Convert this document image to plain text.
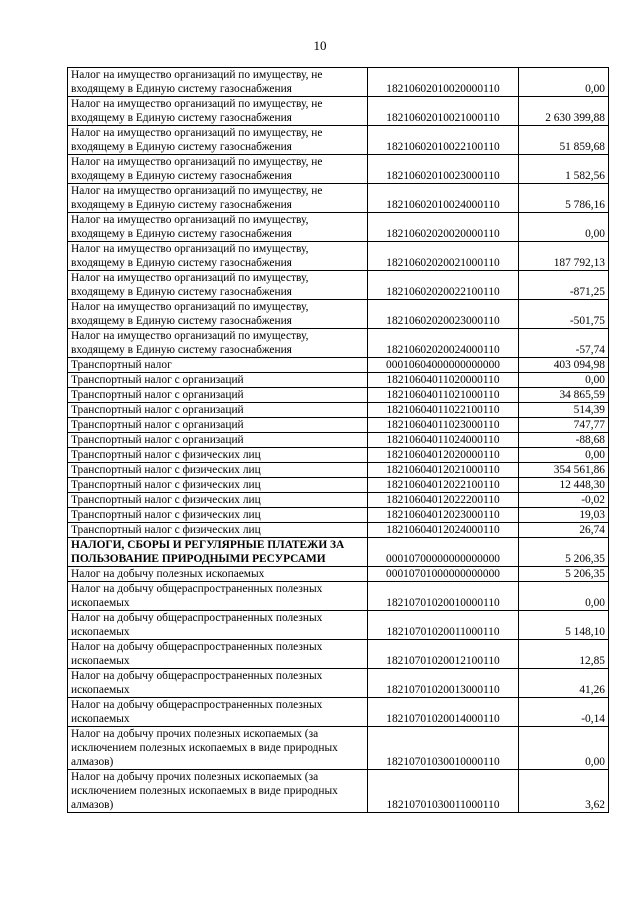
10
Налог на имущество организаций по имуществу, не входящему в Единую систему газоснабжения	18210602010020000110	0,00
Налог на имущество организаций по имуществу, не входящему в Единую систему газоснабжения	18210602010021000110	2 630 399,88
Налог на имущество организаций по имуществу, не входящему в Единую систему газоснабжения	18210602010022100110	51 859,68
Налог на имущество организаций по имуществу, не входящему в Единую систему газоснабжения	18210602010023000110	1 582,56
Налог на имущество организаций по имуществу, не входящему в Единую систему газоснабжения	18210602010024000110	5 786,16
Налог на имущество организаций по имуществу, входящему в Единую систему газоснабжения	18210602020020000110	0,00
Налог на имущество организаций по имуществу, входящему в Единую систему газоснабжения	18210602020021000110	187 792,13
Налог на имущество организаций по имуществу, входящему в Единую систему газоснабжения	18210602020022100110	-871,25
Налог на имущество организаций по имуществу, входящему в Единую систему газоснабжения	18210602020023000110	-501,75
Налог на имущество организаций по имуществу, входящему в Единую систему газоснабжения	18210602020024000110	-57,74
Транспортный налог	00010604000000000000	403 094,98
Транспортный налог с организаций	18210604011020000110	0,00
Транспортный налог с организаций	18210604011021000110	34 865,59
Транспортный налог с организаций	18210604011022100110	514,39
Транспортный налог с организаций	18210604011023000110	747,77
Транспортный налог с организаций	18210604011024000110	-88,68
Транспортный налог с физических лиц	18210604012020000110	0,00
Транспортный налог с физических лиц	18210604012021000110	354 561,86
Транспортный налог с физических лиц	18210604012022100110	12 448,30
Транспортный налог с физических лиц	18210604012022200110	-0,02
Транспортный налог с физических лиц	18210604012023000110	19,03
Транспортный налог с физических лиц	18210604012024000110	26,74
НАЛОГИ, СБОРЫ И РЕГУЛЯРНЫЕ ПЛАТЕЖИ ЗА ПОЛЬЗОВАНИЕ ПРИРОДНЫМИ РЕСУРСАМИ	00010700000000000000	5 206,35
Налог на добычу полезных ископаемых	00010701000000000000	5 206,35
Налог на добычу общераспространенных полезных ископаемых	18210701020010000110	0,00
Налог на добычу общераспространенных полезных ископаемых	18210701020011000110	5 148,10
Налог на добычу общераспространенных полезных ископаемых	18210701020012100110	12,85
Налог на добычу общераспространенных полезных ископаемых	18210701020013000110	41,26
Налог на добычу общераспространенных полезных ископаемых	18210701020014000110	-0,14
Налог на добычу прочих полезных ископаемых (за исключением полезных ископаемых в виде природных алмазов)	18210701030010000110	0,00
Налог на добычу прочих полезных ископаемых (за исключением полезных ископаемых в виде природных алмазов)	18210701030011000110	3,62
